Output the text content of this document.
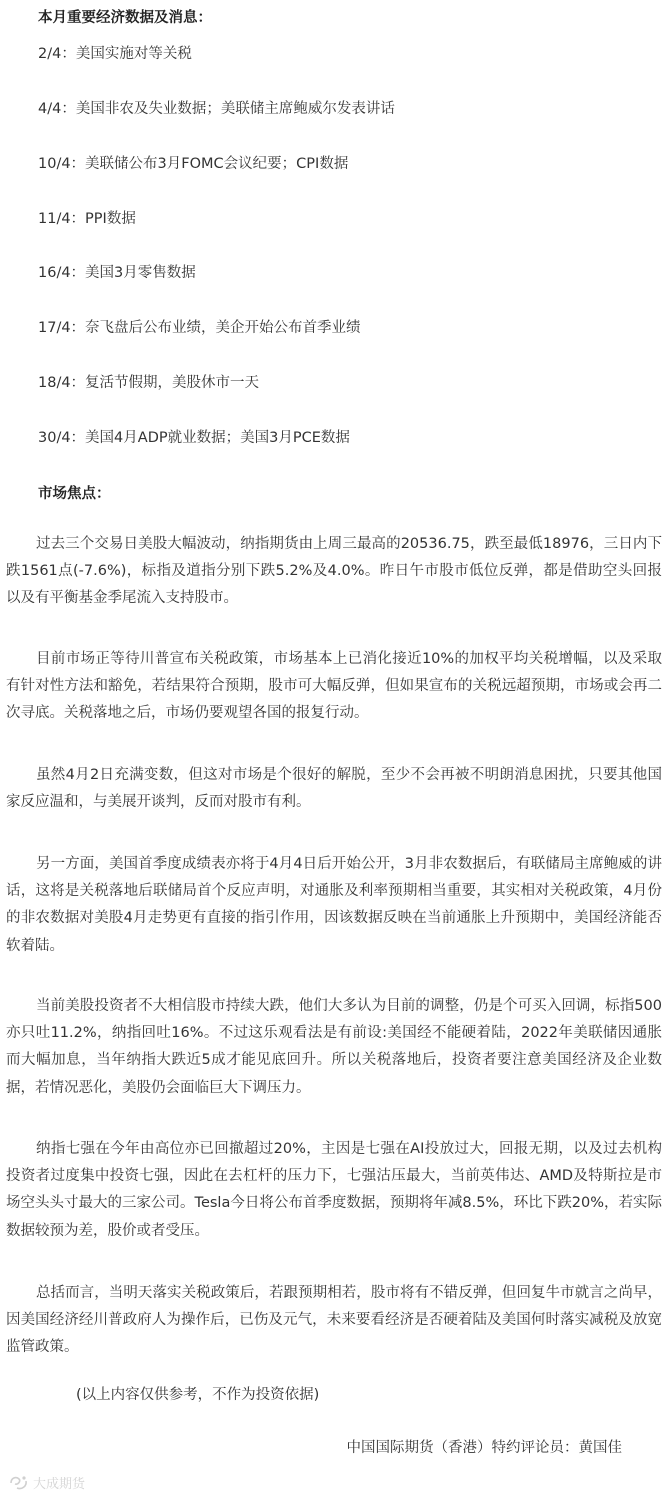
本月重要经济数据及消息：
2/4：美国实施对等关税
4/4：美国非农及失业数据；美联储主席鲍威尔发表讲话
10/4：美联储公布3月FOMC会议纪要；CPI数据
11/4：PPI数据
16/4：美国3月零售数据
17/4：奈飞盘后公布业绩，美企开始公布首季业绩
18/4：复活节假期，美股休市一天
30/4：美国4月ADP就业数据；美国3月PCE数据
市场焦点：

过去三个交易日美股大幅波动，纳指期货由上周三最高的20536.75，跌至最低18976，三日内下跌1561点(-7.6%)，标指及道指分别下跌5.2%及4.0%。昨日午市股市低位反弹，都是借助空头回报以及有平衡基金季尾流入支持股市。

目前市场正等待川普宣布关税政策，市场基本上已消化接近10%的加权平均关税增幅，以及采取有针对性方法和豁免，若结果符合预期，股市可大幅反弹，但如果宣布的关税远超预期，市场或会再二次寻底。关税落地之后，市场仍要观望各国的报复行动。

虽然4月2日充满变数，但这对市场是个很好的解脱，至少不会再被不明朗消息困扰，只要其他国家反应温和，与美展开谈判，反而对股市有利。

另一方面，美国首季度成绩表亦将于4月4日后开始公开，3月非农数据后，有联储局主席鲍威的讲话，这将是关税落地后联储局首个反应声明，对通胀及利率预期相当重要，其实相对关税政策，4月份的非农数据对美股4月走势更有直接的指引作用，因该数据反映在当前通胀上升预期中，美国经济能否软着陆。

当前美股投资者不大相信股市持续大跌，他们大多认为目前的调整，仍是个可买入回调，标指500亦只吐11.2%，纳指回吐16%。不过这乐观看法是有前设:美国经不能硬着陆，2022年美联储因通胀而大幅加息，当年纳指大跌近5成才能见底回升。所以关税落地后，投资者要注意美国经济及企业数据，若情况恶化，美股仍会面临巨大下调压力。

纳指七强在今年由高位亦已回撤超过20%，主因是七强在AI投放过大，回报无期，以及过去机构投资者过度集中投资七强，因此在去杠杆的压力下，七强沽压最大，当前英伟达、AMD及特斯拉是市场空头头寸最大的三家公司。Tesla今日将公布首季度数据，预期将年减8.5%，环比下跌20%，若实际数据较预为差，股价或者受压。

总括而言，当明天落实关税政策后，若跟预期相若，股市将有不错反弹，但回复牛市就言之尚早，因美国经济经川普政府人为操作后，已伤及元气，未来要看经济是否硬着陆及美国何时落实减税及放宽监管政策。

(以上内容仅供参考，不作为投资依据)
中国国际期货（香港）特约评论员：黄国佳
大成期货
